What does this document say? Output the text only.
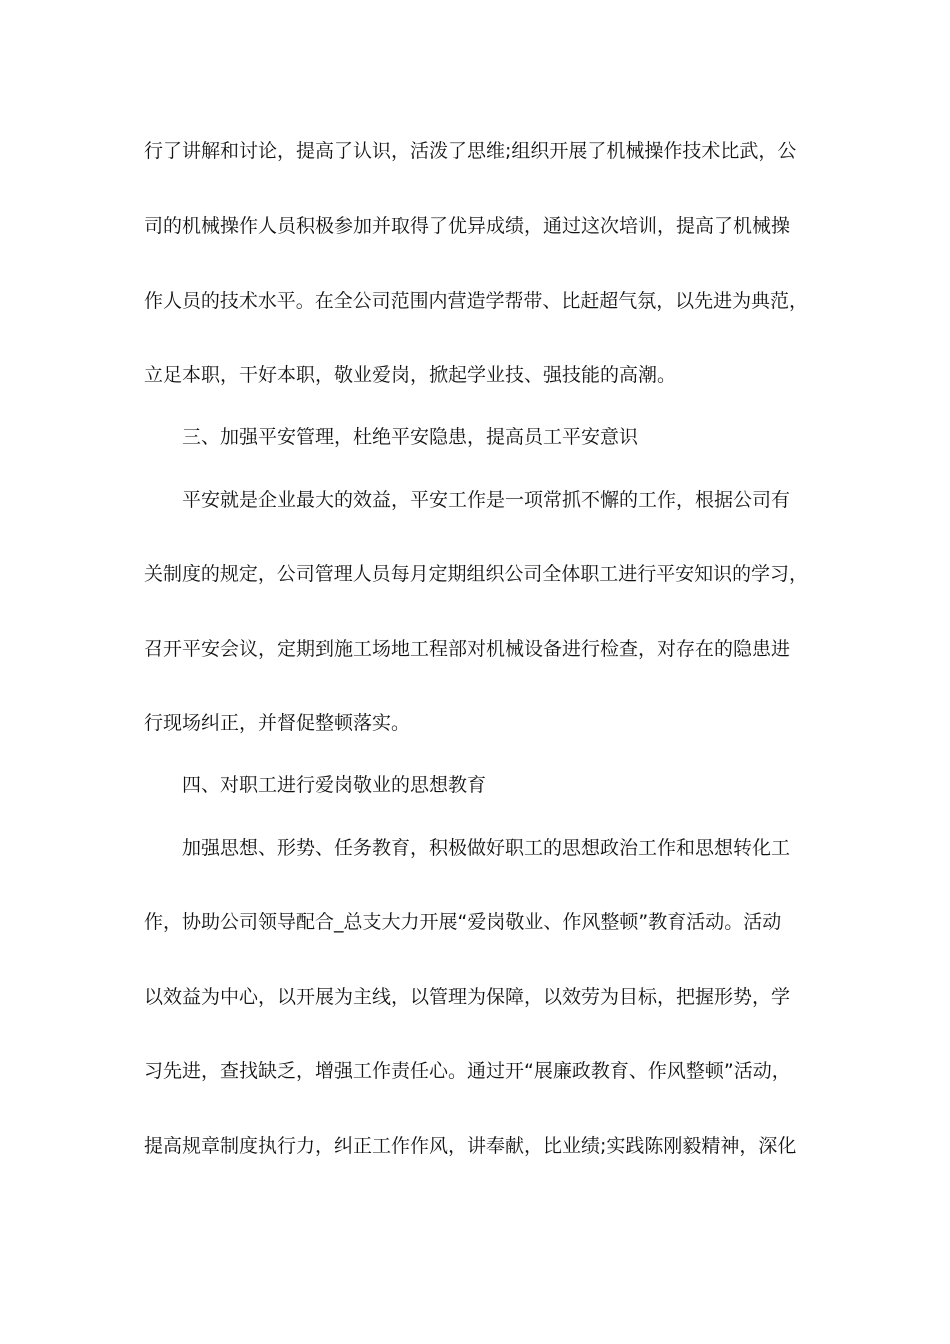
行了讲解和讨论，提高了认识，活泼了思维;组织开展了机械操作技术比武，公
司的机械操作人员积极参加并取得了优异成绩，通过这次培训，提高了机械操
作人员的技术水平。在全公司范围内营造学帮带、比赶超气氛，以先进为典范，
立足本职，干好本职，敬业爱岗，掀起学业技、强技能的高潮。
三、加强平安管理，杜绝平安隐患，提高员工平安意识
平安就是企业最大的效益，平安工作是一项常抓不懈的工作，根据公司有
关制度的规定，公司管理人员每月定期组织公司全体职工进行平安知识的学习，
召开平安会议，定期到施工场地工程部对机械设备进行检查，对存在的隐患进
行现场纠正，并督促整顿落实。
四、对职工进行爱岗敬业的思想教育
加强思想、形势、任务教育，积极做好职工的思想政治工作和思想转化工
作，协助公司领导配合_总支大力开展“爱岗敬业、作风整顿”教育活动。活动
以效益为中心，以开展为主线，以管理为保障，以效劳为目标，把握形势，学
习先进，查找缺乏，增强工作责任心。通过开“展廉政教育、作风整顿”活动，
提高规章制度执行力，纠正工作作风，讲奉献，比业绩;实践陈刚毅精神，深化
